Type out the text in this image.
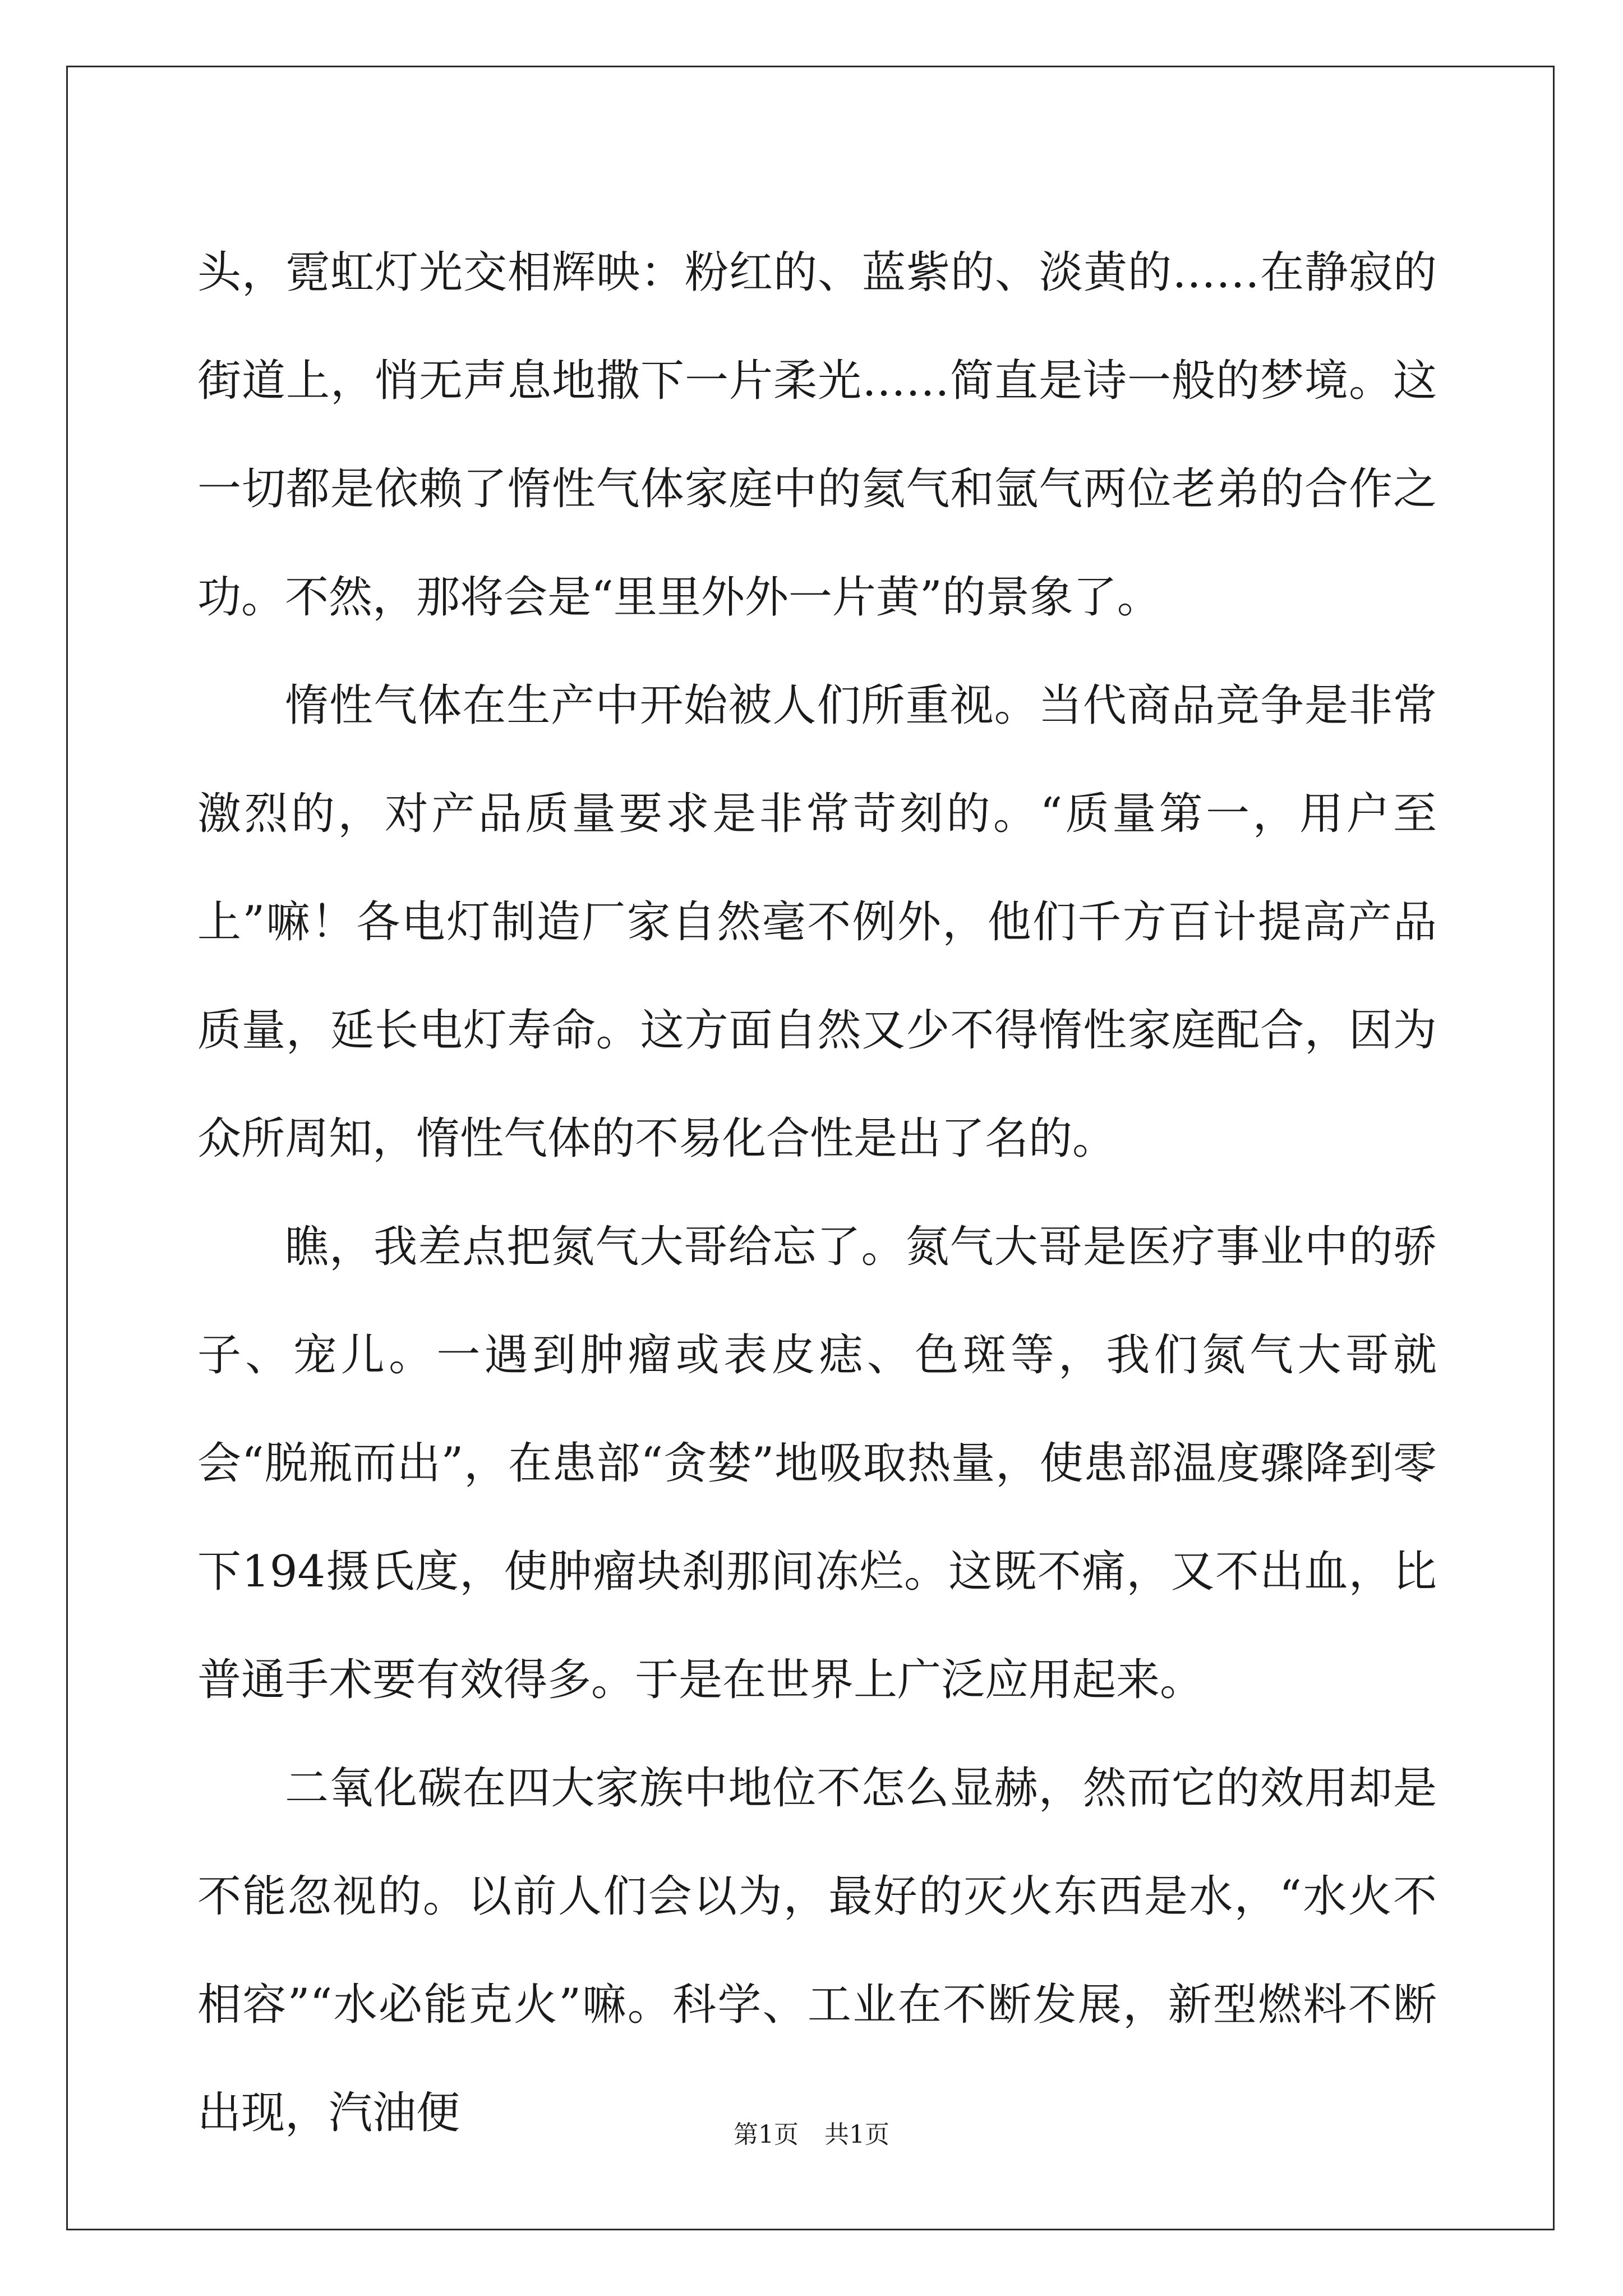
头，霓虹灯光交相辉映：粉红的、蓝紫的、淡黄的……在静寂的街道上，悄无声息地撒下一片柔光……简直是诗一般的梦境。这一切都是依赖了惰性气体家庭中的氦气和氩气两位老弟的合作之功。不然，那将会是“里里外外一片黄”的景象了。

惰性气体在生产中开始被人们所重视。当代商品竞争是非常激烈的，对产品质量要求是非常苛刻的。“质量第一，用户至上”嘛！各电灯制造厂家自然毫不例外，他们千方百计提高产品质量，延长电灯寿命。这方面自然又少不得惰性家庭配合，因为众所周知，惰性气体的不易化合性是出了名的。

瞧，我差点把氮气大哥给忘了。氮气大哥是医疗事业中的骄子、宠儿。一遇到肿瘤或表皮痣、色斑等，我们氮气大哥就会“脱瓶而出”，在患部“贪婪”地吸取热量，使患部温度骤降到零下194摄氏度，使肿瘤块刹那间冻烂。这既不痛，又不出血，比普通手术要有效得多。于是在世界上广泛应用起来。

二氧化碳在四大家族中地位不怎么显赫，然而它的效用却是不能忽视的。以前人们会以为，最好的灭火东西是水，“水火不相容”“水必能克火”嘛。科学、工业在不断发展，新型燃料不断出现，汽油便	第1页 共1页
